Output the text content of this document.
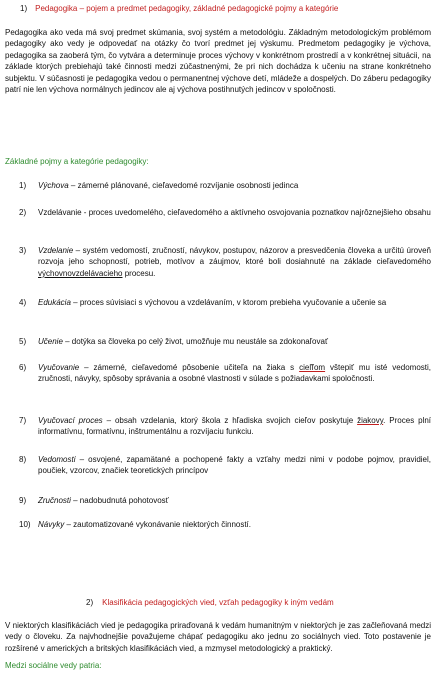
1) Pedagogika – pojem a predmet pedagogiky, základné pedagogické pojmy a kategórie
Pedagogika ako veda má svoj predmet skúmania, svoj systém a metodológiu. Základným metodologickým problémom pedagogiky ako vedy je odpovedať na otázky čo tvorí predmet jej výskumu. Predmetom pedagogiky je výchova, pedagogika sa zaoberá tým, čo vytvára a determinuje proces výchovy v konkrétnom prostredí a v konkrétnej situácii, na základe ktorých prebiehajú také činnosti medzi zúčastnenými, že pri nich dochádza k učeniu na strane konkrétneho subjektu. V súčasnosti je pedagogika vedou o permanentnej výchove detí, mládeže a dospelých. Do záberu pedagogiky patrí nie len výchova normálnych jedincov ale aj výchova postihnutých jedincov v spoločnosti.
Základné pojmy a kategórie pedagogiky:
1)	Výchova – zámerné plánované, cieľavedomé rozvíjanie osobnosti jedinca
2)	Vzdelávanie - proces uvedomelého, cieľavedomého a aktívneho osvojovania poznatkov najrôznejšieho obsahu
3)	Vzdelanie – systém vedomostí, zručností, návykov, postupov, názorov a presvedčenia človeka a určitú úroveň rozvoja jeho schopností, potrieb, motívov a záujmov, ktoré boli dosiahnuté na základe cieľavedomého výchovnovzdelávacieho procesu.
4)	Edukácia – proces súvisiaci s výchovou a vzdelávaním, v ktorom prebieha vyučovanie a učenie sa
5)	Učenie – dotýka sa človeka po celý život, umožňuje mu neustále sa zdokonaľovať
6)	Vyučovanie – zámerné, cieľavedomé pôsobenie učiteľa na žiaka s cieľľom vštepiť mu isté vedomosti, zručnosti, návyky, spôsoby správania a osobné vlastnosti v súlade s požiadavkami spoločnosti.
7)	Vyučovací proces – obsah vzdelania, ktorý škola z hľadiska svojich cieľov poskytuje žiakovy. Proces plní informatívnu, formatívnu, inštrumentálnu a rozvíjaciu funkciu.
8)	Vedomosti – osvojené, zapamätané a pochopené fakty a vzťahy medzi nimi v podobe pojmov, pravidiel, poučiek, vzorcov, značiek teoretických princípov
9)	Zručnosti – nadobudnutá pohotovosť
10) Návyky – zautomatizované vykonávanie niektorých činností.
2) Klasifikácia pedagogických vied, vzťah pedagogiky k iným vedám
V niektorých klasifikáciách vied je pedagogika priraďovaná k vedám humanitným v niektorých je zas začleňovaná medzi vedy o človeku. Za najvhodnejšie považujeme chápať pedagogiku ako jednu zo sociálnych vied. Toto postavenie je rozšírené v amerických a britských klasifikáciách vied, a mzmysel metodologický a praktický.
Medzi sociálne vedy patria:
